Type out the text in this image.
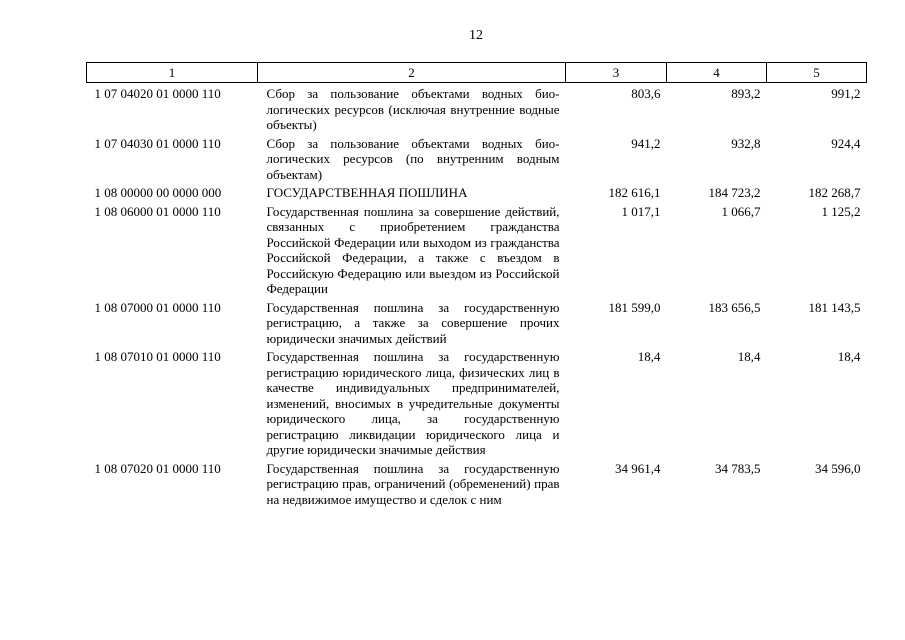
12
1	2	3	4	5
1 07 04020 01 0000 110	Сбор за пользование объектами водных биологических ресурсов (исключая внутренние водные объекты)	803,6	893,2	991,2
1 07 04030 01 0000 110	Сбор за пользование объектами водных биологических ресурсов (по внутренним водным объектам)	941,2	932,8	924,4
1 08 00000 00 0000 000	ГОСУДАРСТВЕННАЯ ПОШЛИНА	182 616,1	184 723,2	182 268,7
1 08 06000 01 0000 110	Государственная пошлина за совершение действий, связанных с приобретением гражданства Российской Федерации или выходом из гражданства Российской Федерации, а также с въездом в Российскую Федерацию или выездом из Российской Федерации	1 017,1	1 066,7	1 125,2
1 08 07000 01 0000 110	Государственная пошлина за государственную регистрацию, а также за совершение прочих юридически значимых действий	181 599,0	183 656,5	181 143,5
1 08 07010 01 0000 110	Государственная пошлина за государственную регистрацию юридического лица, физических лиц в качестве индивидуальных предпринимателей, изменений, вносимых в учредительные документы юридического лица, за государственную регистрацию ликвидации юридического лица и другие юридически значимые действия	18,4	18,4	18,4
1 08 07020 01 0000 110	Государственная пошлина за государственную регистрацию прав, ограничений (обременений) прав на недвижимое имущество и сделок с ним	34 961,4	34 783,5	34 596,0
